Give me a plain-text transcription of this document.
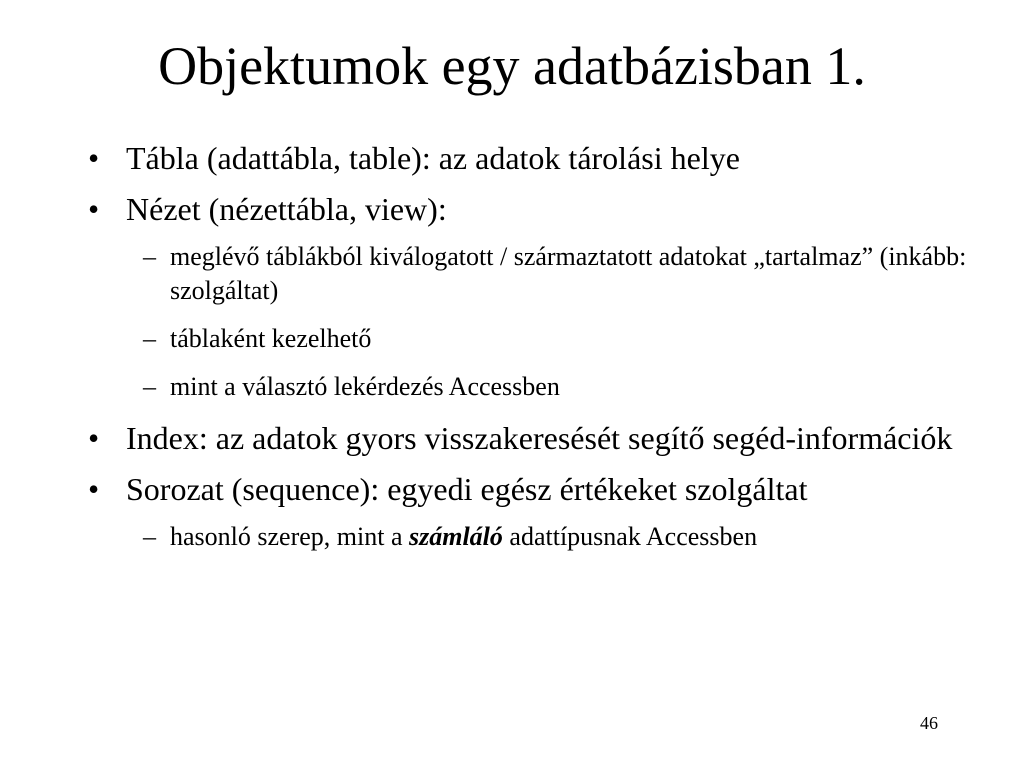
Objektumok egy adatbázisban 1.
• Tábla (adattábla, table): az adatok tárolási helye
• Nézet (nézettábla, view):
– meglévő táblákból kiválogatott / származtatott adatokat „tartalmaz” (inkább: szolgáltat)
– táblaként kezelhető
– mint a választó lekérdezés Accessben
• Index: az adatok gyors visszakeresését segítő segéd-információk
• Sorozat (sequence): egyedi egész értékeket szolgáltat
– hasonló szerep, mint a számláló adattípusnak Accessben
46
